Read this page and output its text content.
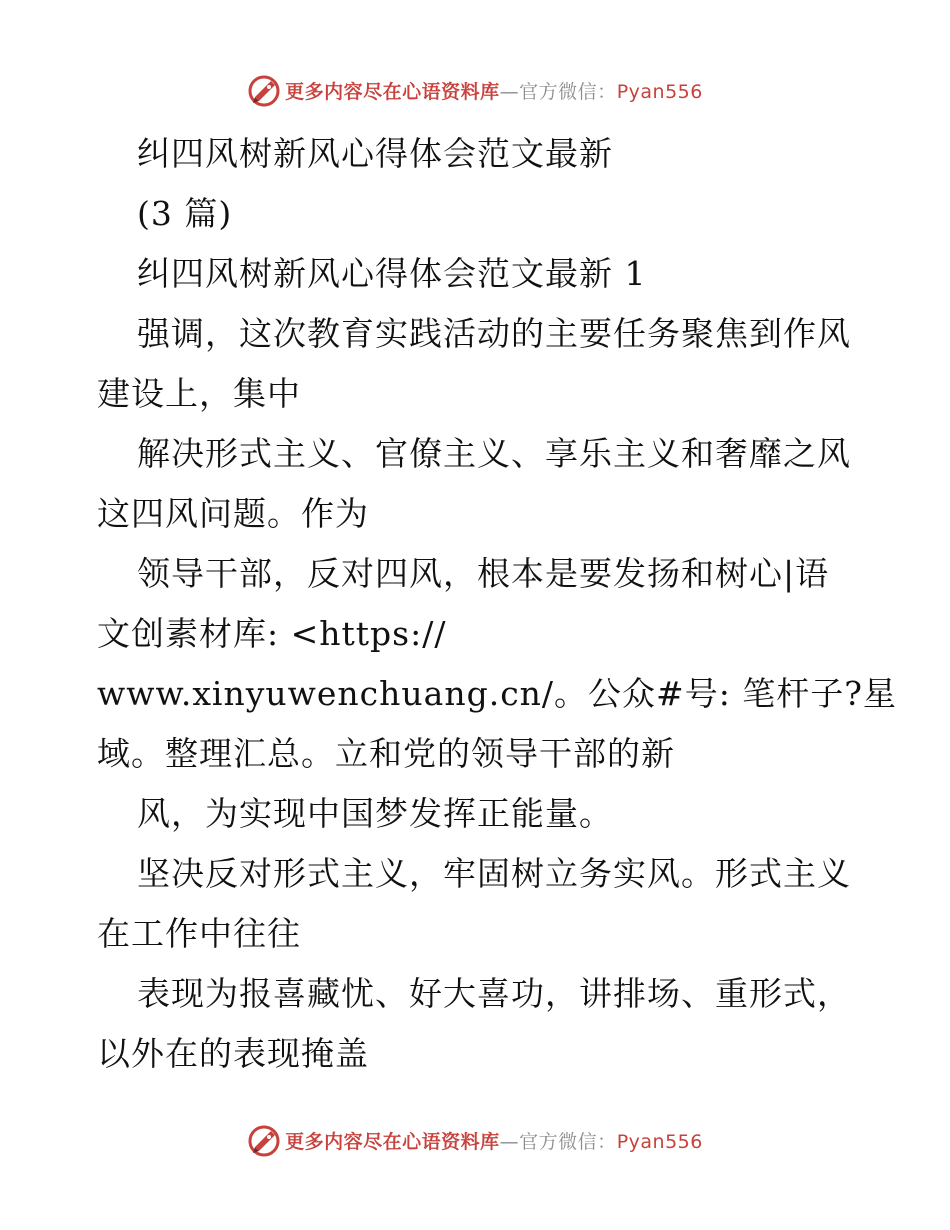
更多内容尽在心语资料库—官方微信：Pyan556
纠四风树新风心得体会范文最新
(3 篇)
纠四风树新风心得体会范文最新 1
强调，这次教育实践活动的主要任务聚焦到作风
建设上，集中
解决形式主义、官僚主义、享乐主义和奢靡之风
这四风问题。作为
领导干部，反对四风，根本是要发扬和树心|语
文创素材库: <https://
www.xinyuwenchuang.cn/。公众#号: 笔杆子?星
域。整理汇总。立和党的领导干部的新
风，为实现中国梦发挥正能量。
坚决反对形式主义，牢固树立务实风。形式主义
在工作中往往
表现为报喜藏忧、好大喜功，讲排场、重形式，
以外在的表现掩盖
更多内容尽在心语资料库—官方微信：Pyan556
